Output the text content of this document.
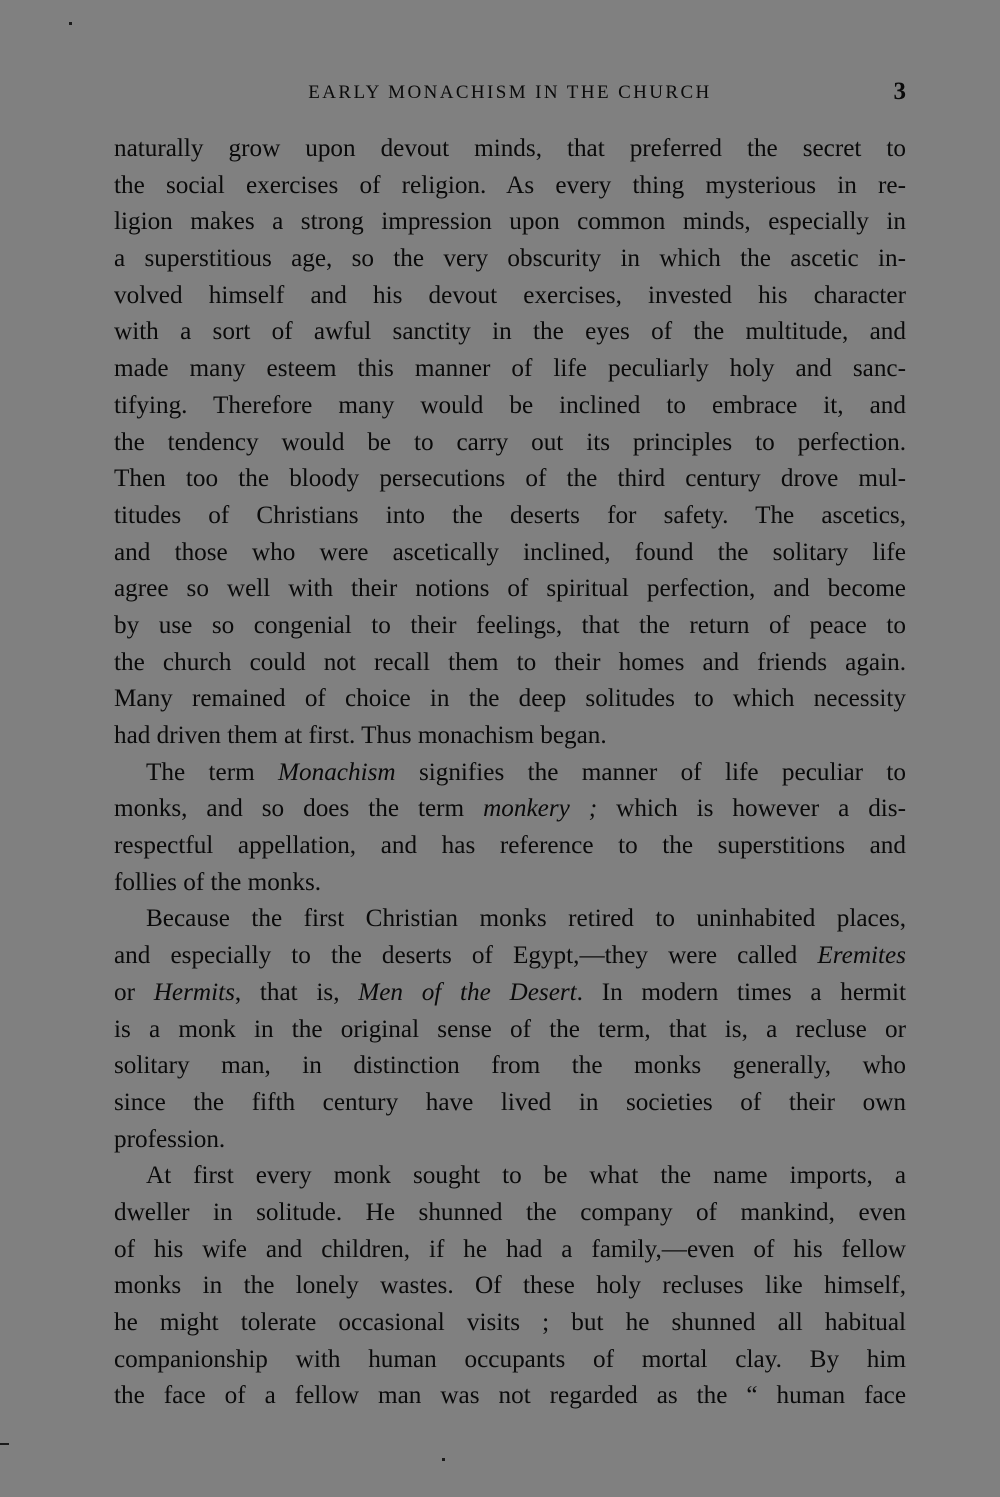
EARLY MONACHISM IN THE CHURCH	3
naturally grow upon devout minds, that preferred the secret to
the social exercises of religion. As every thing mysterious in re-
ligion makes a strong impression upon common minds, especially in
a superstitious age, so the very obscurity in which the ascetic in-
volved himself and his devout exercises, invested his character
with a sort of awful sanctity in the eyes of the multitude, and
made many esteem this manner of life peculiarly holy and sanc-
tifying. Therefore many would be inclined to embrace it, and
the tendency would be to carry out its principles to perfection.
Then too the bloody persecutions of the third century drove mul-
titudes of Christians into the deserts for safety. The ascetics,
and those who were ascetically inclined, found the solitary life
agree so well with their notions of spiritual perfection, and become
by use so congenial to their feelings, that the return of peace to
the church could not recall them to their homes and friends again.
Many remained of choice in the deep solitudes to which necessity
had driven them at first. Thus monachism began.
The term Monachism signifies the manner of life peculiar to
monks, and so does the term monkery ; which is however a dis-
respectful appellation, and has reference to the superstitions and
follies of the monks.
Because the first Christian monks retired to uninhabited places,
and especially to the deserts of Egypt,—they were called Eremites
or Hermits, that is, Men of the Desert. In modern times a hermit
is a monk in the original sense of the term, that is, a recluse or
solitary man, in distinction from the monks generally, who
since the fifth century have lived in societies of their own
profession.
At first every monk sought to be what the name imports, a
dweller in solitude. He shunned the company of mankind, even
of his wife and children, if he had a family,—even of his fellow
monks in the lonely wastes. Of these holy recluses like himself,
he might tolerate occasional visits ; but he shunned all habitual
companionship with human occupants of mortal clay. By him
the face of a fellow man was not regarded as the “ human face
